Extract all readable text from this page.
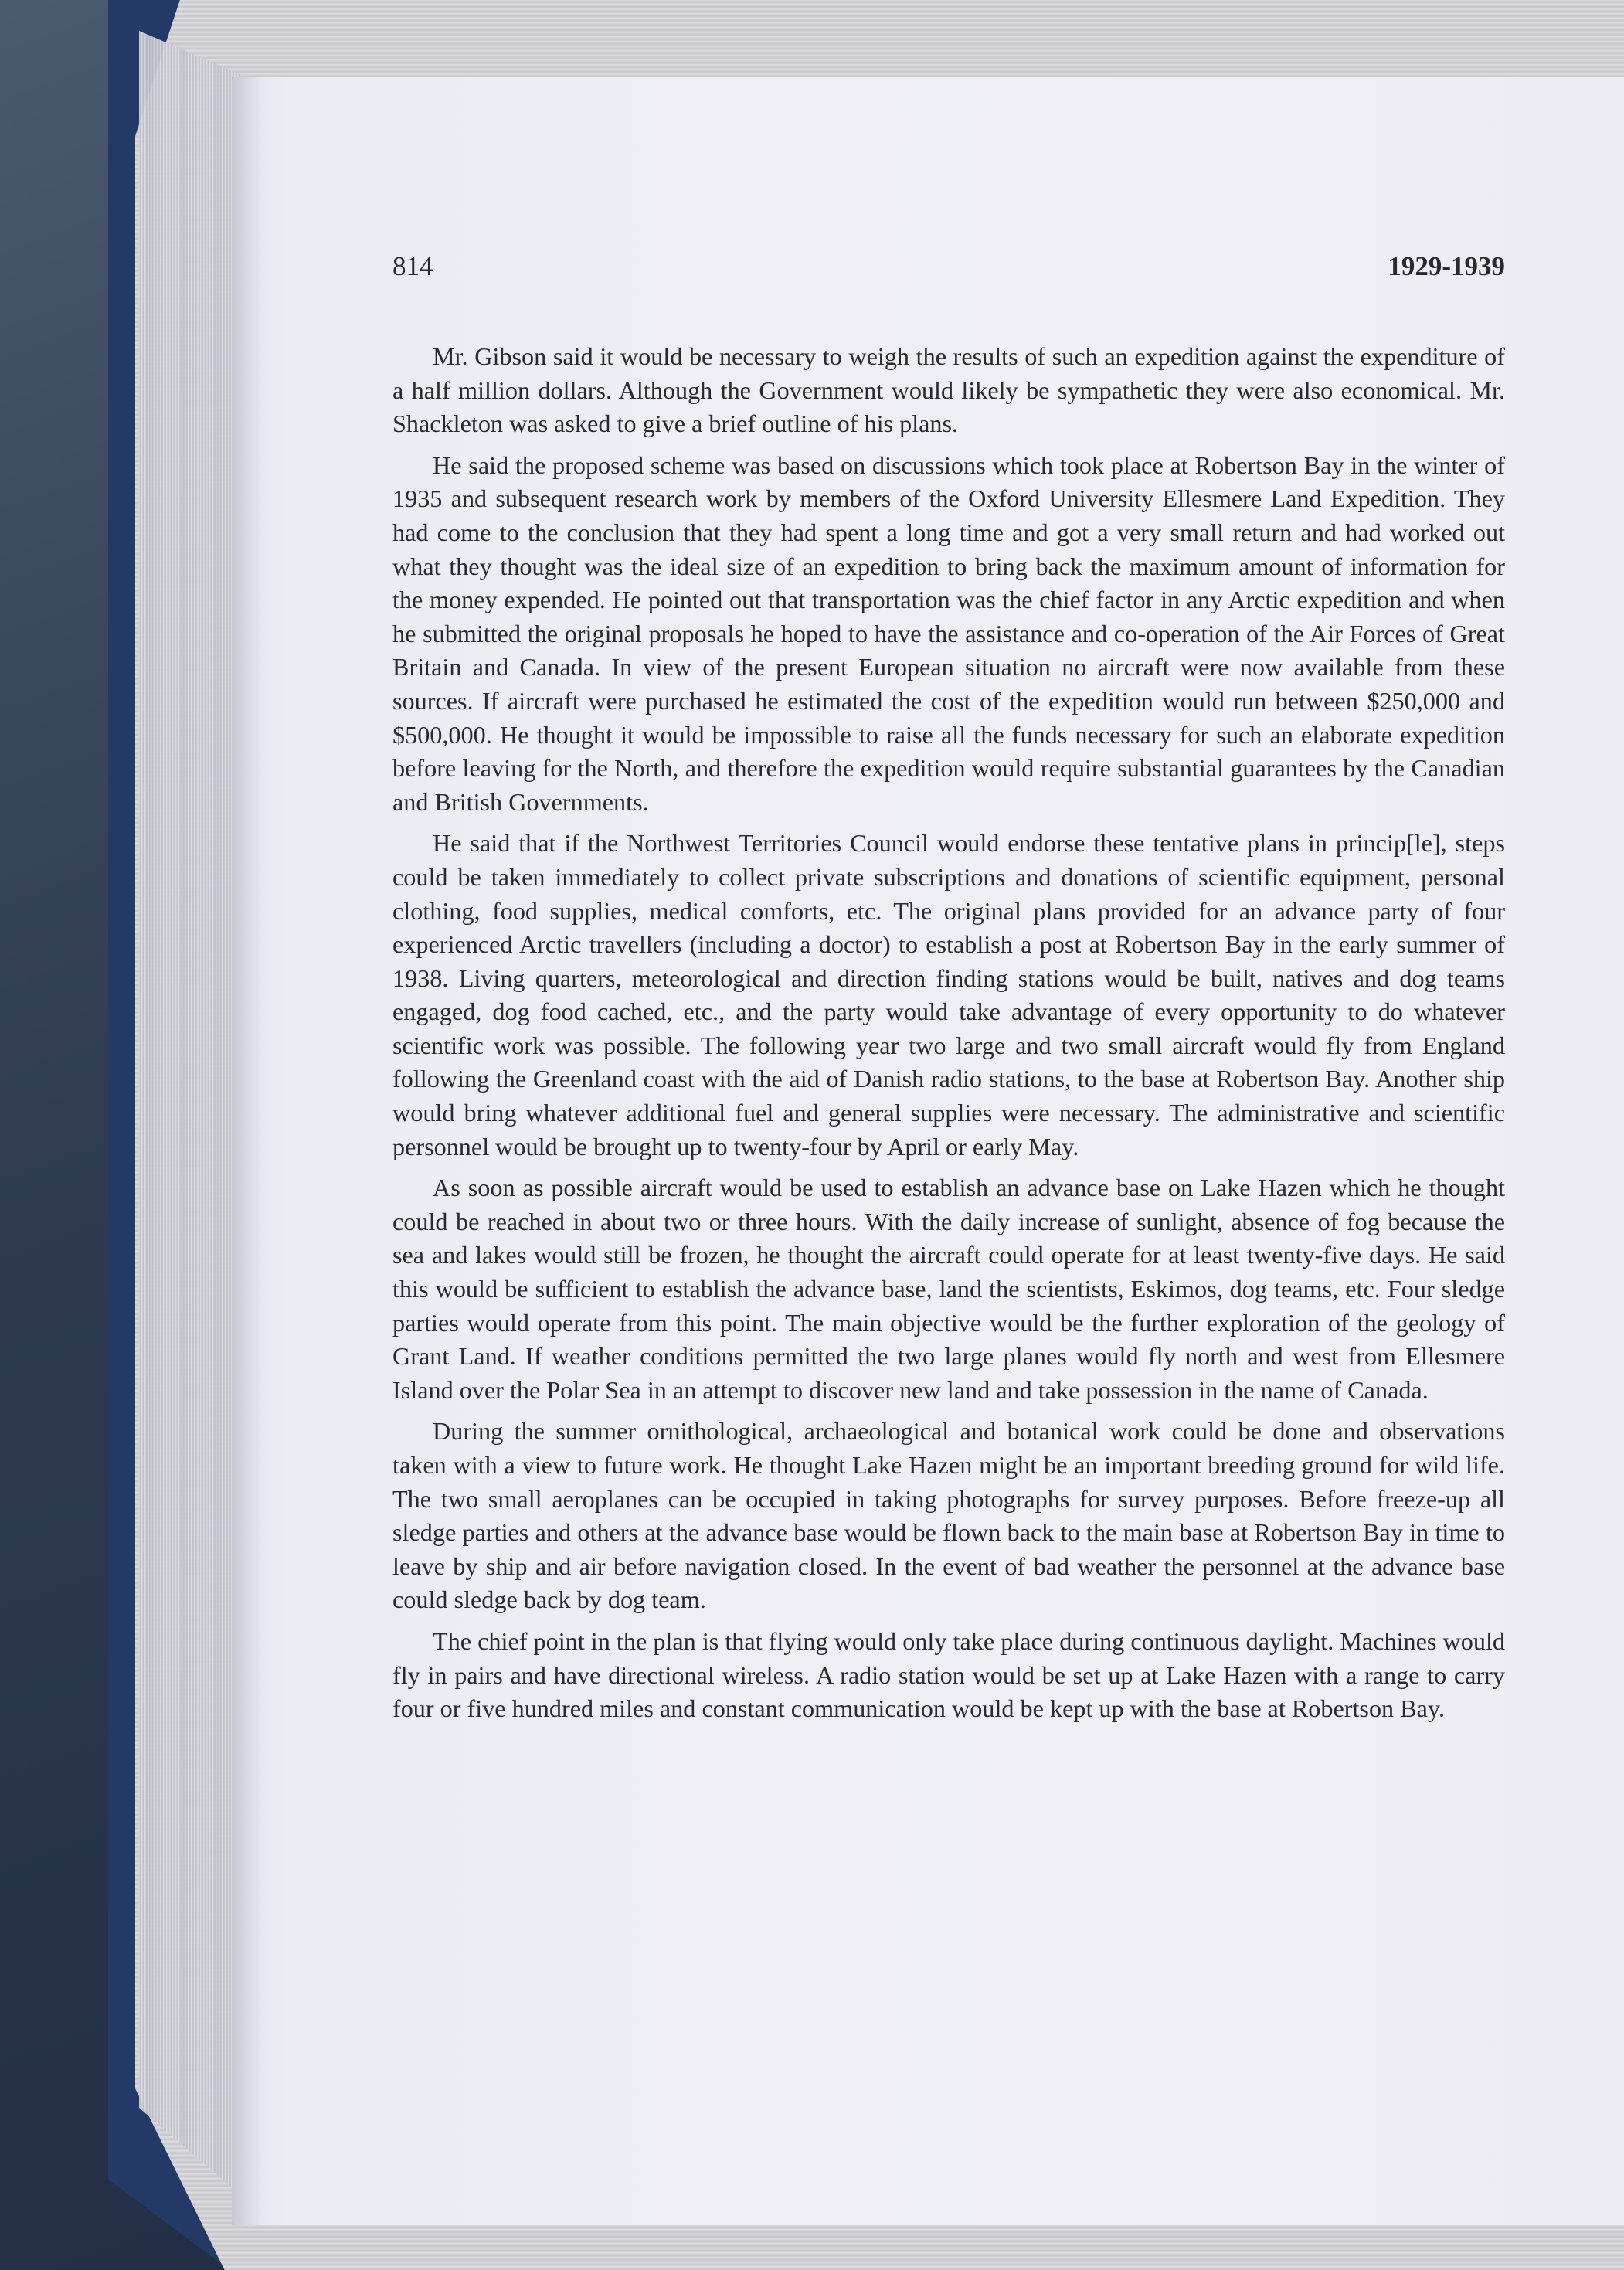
814	1929-1939

Mr. Gibson said it would be necessary to weigh the results of such an expedition against the expenditure of a half million dollars. Although the Government would likely be sympathetic they were also economical. Mr. Shackleton was asked to give a brief outline of his plans.

He said the proposed scheme was based on discussions which took place at Robertson Bay in the winter of 1935 and subsequent research work by members of the Oxford University Ellesmere Land Expedition. They had come to the conclusion that they had spent a long time and got a very small return and had worked out what they thought was the ideal size of an expedition to bring back the maximum amount of information for the money expended. He pointed out that transportation was the chief factor in any Arctic expedition and when he submitted the original proposals he hoped to have the assistance and co-operation of the Air Forces of Great Britain and Canada. In view of the present European situation no aircraft were now available from these sources. If aircraft were purchased he estimated the cost of the expedition would run between $250,000 and $500,000. He thought it would be impossible to raise all the funds necessary for such an elaborate expedition before leaving for the North, and therefore the expedition would require substantial guarantees by the Canadian and British Governments.

He said that if the Northwest Territories Council would endorse these tentative plans in princip[le], steps could be taken immediately to collect private subscriptions and donations of scientific equipment, personal clothing, food supplies, medical comforts, etc. The original plans provided for an advance party of four experienced Arctic travellers (including a doctor) to establish a post at Robertson Bay in the early summer of 1938. Living quarters, meteorological and direction finding stations would be built, natives and dog teams engaged, dog food cached, etc., and the party would take advantage of every opportunity to do whatever scientific work was possible. The following year two large and two small aircraft would fly from England following the Greenland coast with the aid of Danish radio stations, to the base at Robertson Bay. Another ship would bring whatever additional fuel and general supplies were necessary. The administrative and scientific personnel would be brought up to twenty-four by April or early May.

As soon as possible aircraft would be used to establish an advance base on Lake Hazen which he thought could be reached in about two or three hours. With the daily increase of sunlight, absence of fog because the sea and lakes would still be frozen, he thought the aircraft could operate for at least twenty-five days. He said this would be sufficient to establish the advance base, land the scientists, Eskimos, dog teams, etc. Four sledge parties would operate from this point. The main objective would be the further exploration of the geology of Grant Land. If weather conditions permitted the two large planes would fly north and west from Ellesmere Island over the Polar Sea in an attempt to discover new land and take possession in the name of Canada.

During the summer ornithological, archaeological and botanical work could be done and observations taken with a view to future work. He thought Lake Hazen might be an important breeding ground for wild life. The two small aeroplanes can be occupied in taking photographs for survey purposes. Before freeze-up all sledge parties and others at the advance base would be flown back to the main base at Robertson Bay in time to leave by ship and air before navigation closed. In the event of bad weather the personnel at the advance base could sledge back by dog team.

The chief point in the plan is that flying would only take place during continuous daylight. Machines would fly in pairs and have directional wireless. A radio station would be set up at Lake Hazen with a range to carry four or five hundred miles and constant communication would be kept up with the base at Robertson Bay.
